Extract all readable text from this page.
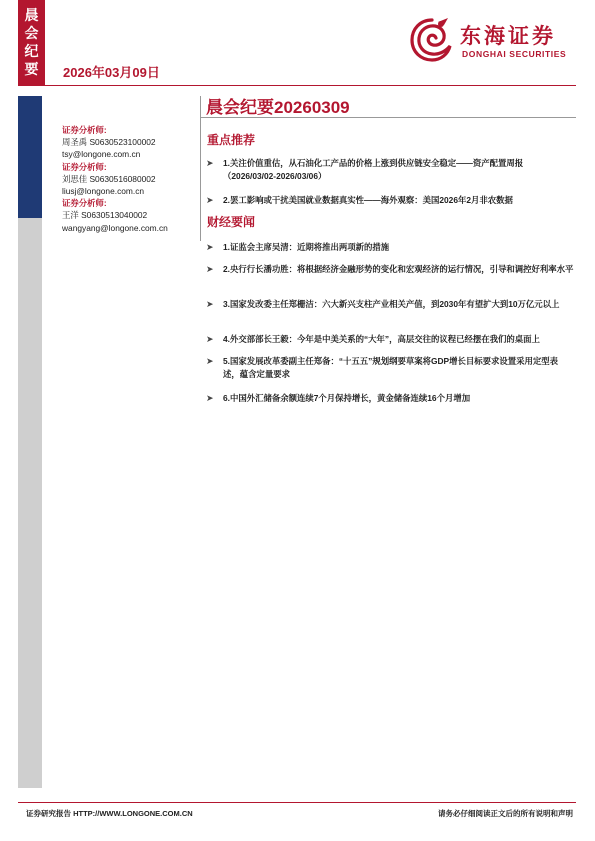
晨
会
纪
要	2026年03月09日
东海证券
DONGHAI SECURITIES
证券分析师:
周圣禹 S0630523100002
tsy@longone.com.cn
证券分析师:
刘思佳 S0630516080002
liusj@longone.com.cn
证券分析师:
王洋 S0630513040002
wangyang@longone.com.cn
晨会纪要20260309
重点推荐
➤ 1.关注价值重估，从石油化工产品的价格上涨到供应链安全稳定——资产配置周报（2026/03/02-2026/03/06）
➤ 2.罢工影响或干扰美国就业数据真实性——海外观察：美国2026年2月非农数据
财经要闻
➤ 1.证监会主席吴清：近期将推出两项新的措施
➤ 2.央行行长潘功胜：将根据经济金融形势的变化和宏观经济的运行情况，引导和调控好利率水平
➤ 3.国家发改委主任郑栅洁：六大新兴支柱产业相关产值，到2030年有望扩大到10万亿元以上
➤ 4.外交部部长王毅：今年是中美关系的“大年”，高层交往的议程已经摆在我们的桌面上
➤ 5.国家发展改革委副主任郑备：“十五五”规划纲要草案将GDP增长目标要求设置采用定型表述，蕴含定量要求
➤ 6.中国外汇储备余额连续7个月保持增长，黄金储备连续16个月增加
证券研究报告 HTTP://WWW.LONGONE.COM.CN	请务必仔细阅读正文后的所有说明和声明
